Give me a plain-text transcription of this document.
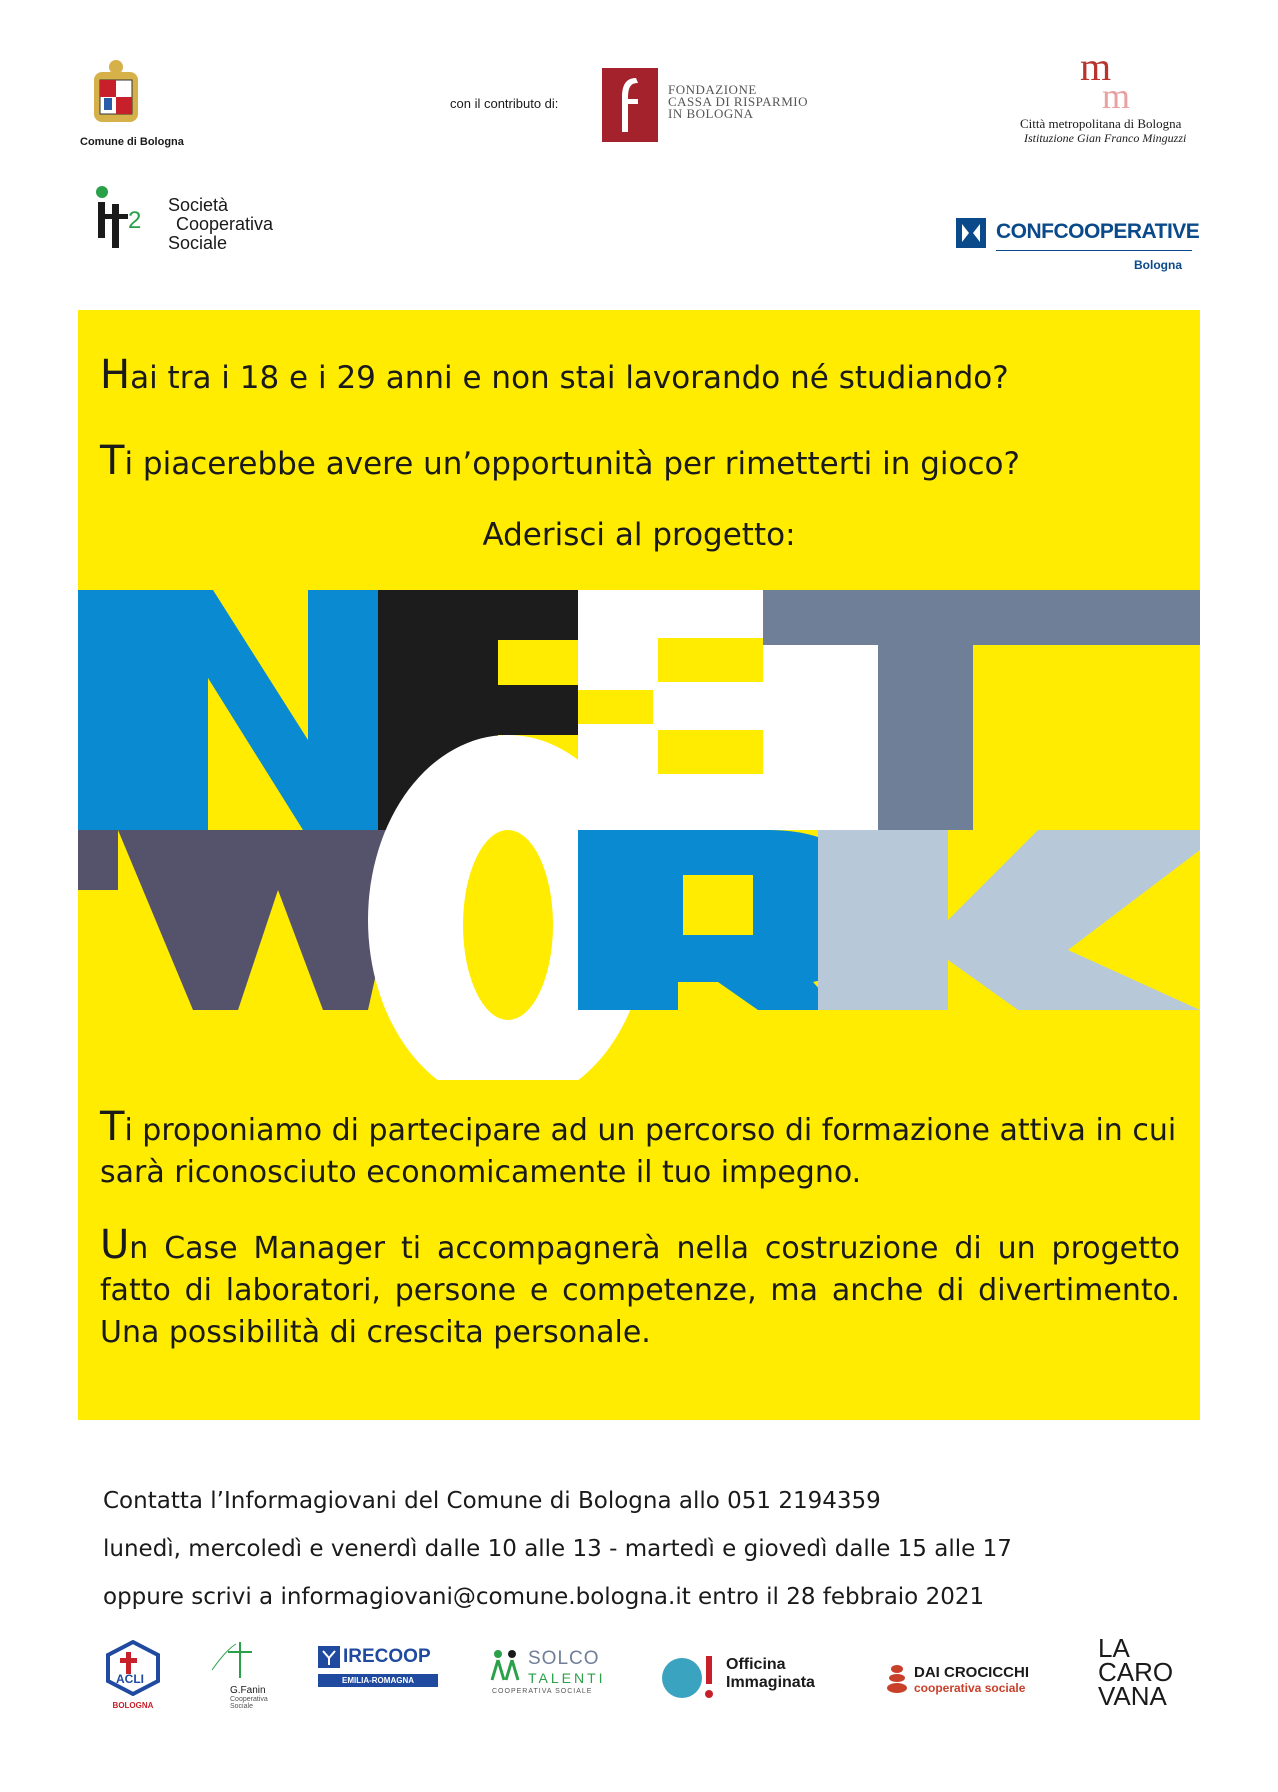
Comune di Bologna
con il contributo di:
FONDAZIONE
CASSA DI RISPARMIO
IN BOLOGNA
m
m
Città metropolitana di Bologna
Istituzione Gian Franco Minguzzi
2
Società
Cooperativa
Sociale	CONFCOOPERATIVE
Bologna
Hai tra i 18 e i 29 anni e non stai lavorando né studiando?
Ti piacerebbe avere un’opportunità per rimetterti in gioco?
Aderisci al progetto:
Ti proponiamo di partecipare ad un percorso di formazione attiva in cui sarà riconosciuto economicamente il tuo impegno.
Un Case Manager ti accompagnerà nella costruzione di un progetto fatto di laboratori, persone e competenze, ma anche di divertimento. Una possibilità di crescita personale.
Contatta l’Informagiovani del Comune di Bologna allo 051 2194359
lunedì, mercoledì e venerdì dalle 10 alle 13 - martedì e giovedì dalle 15 alle 17
oppure scrivi a informagiovani@comune.bologna.it entro il 28 febbraio 2021
ACLI
BOLOGNA
G.Fanin
Cooperativa Sociale
IRECOOP
EMILIA-ROMAGNA
SOLCO
TALENTI
COOPERATIVA SOCIALE
Officina
Immaginata
DAI CROCICCHI
cooperativa sociale
LA
CARO
VANA
